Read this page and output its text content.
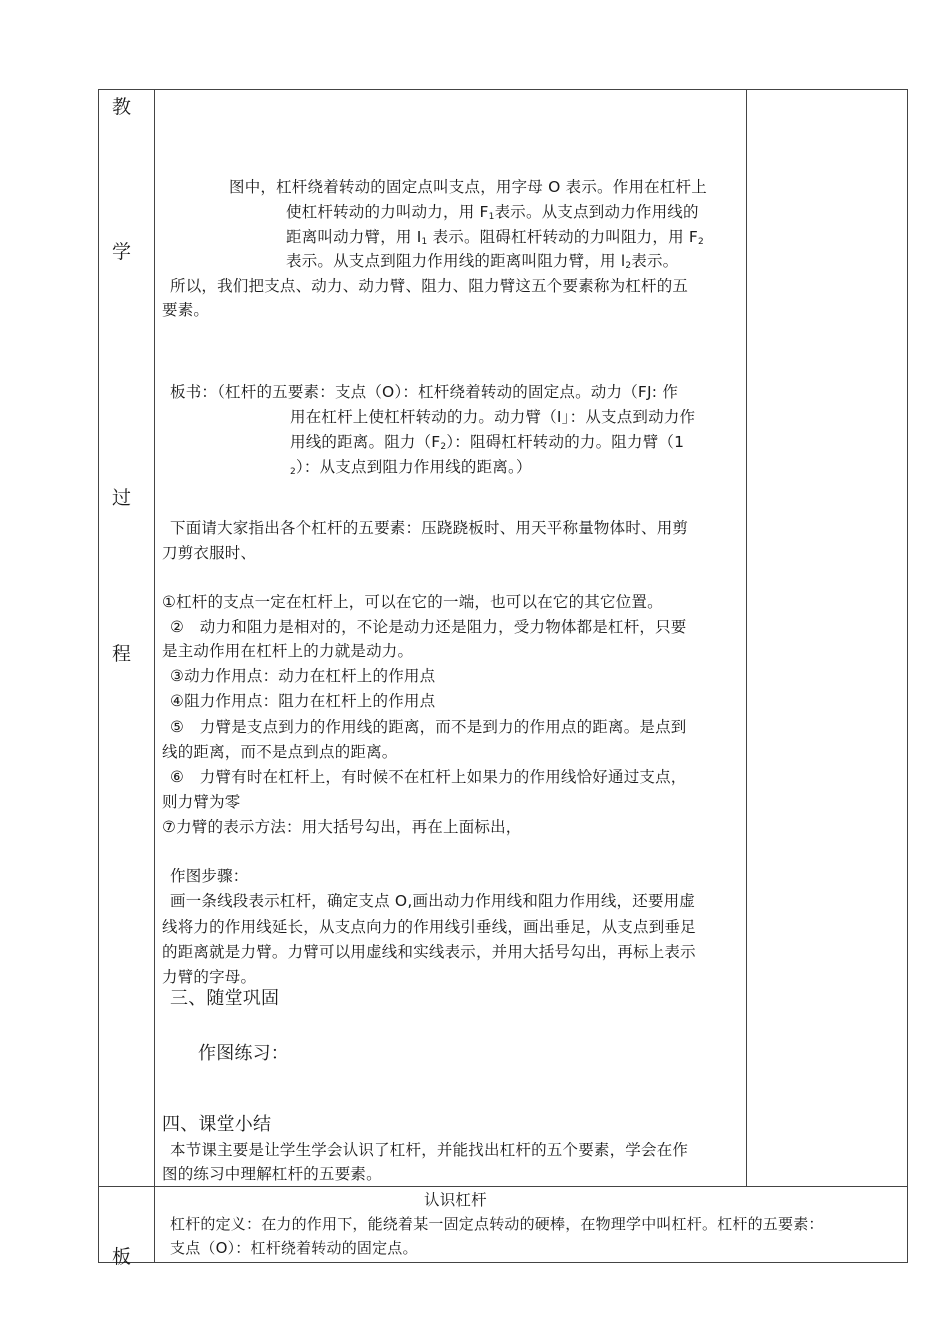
教
学
过
程
板
图中，杠杆绕着转动的固定点叫支点，用字母 O 表示。作用在杠杆上
使杠杆转动的力叫动力，用 $F_1$表示。从支点到动力作用线的
距离叫动力臂，用 $I_1$ 表示。阻碍杠杆转动的力叫阻力，用 $F_2$
表示。从支点到阻力作用线的距离叫阻力臂，用 $l_2$表示。
所以，我们把支点、动力、动力臂、阻力、阻力臂这五个要素称为杠杆的五
要素。
板书：（杠杆的五要素：支点（O）：杠杆绕着转动的固定点。动力（FJ: 作
用在杠杆上使杠杆转动的力。动力臂（I」：从支点到动力作
用线的距离。阻力$(F_2)$：阻碍杠杆转动的力。阻力臂（1
$_2$）：从支点到阻力作用线的距离。）
下面请大家指出各个杠杆的五要素：压跷跷板时、用天平称量物体时、用剪
刀剪衣服时、
①杠杆的支点一定在杠杆上，可以在它的一端，也可以在它的其它位置。
②　动力和阻力是相对的，不论是动力还是阻力，受力物体都是杠杆，只要
是主动作用在杠杆上的力就是动力。
③动力作用点：动力在杠杆上的作用点
④阻力作用点：阻力在杠杆上的作用点
⑤　力臂是支点到力的作用线的距离，而不是到力的作用点的距离。是点到
线的距离，而不是点到点的距离。
⑥　力臂有时在杠杆上，有时候不在杠杆上如果力的作用线恰好通过支点，
则力臂为零
⑦力臂的表示方法：用大括号勾出，再在上面标出，
作图步骤：
画一条线段表示杠杆，确定支点 O,画出动力作用线和阻力作用线，还要用虚
线将力的作用线延长，从支点向力的作用线引垂线，画出垂足，从支点到垂足
的距离就是力臂。力臂可以用虚线和实线表示，并用大括号勾出，再标上表示
力臂的字母。
三、随堂巩固
作图练习：
四、课堂小结
本节课主要是让学生学会认识了杠杆，并能找出杠杆的五个要素，学会在作
图的练习中理解杠杆的五要素。
认识杠杆
杠杆的定义：在力的作用下，能绕着某一固定点转动的硬棒，在物理学中叫杠杆。杠杆的五要素：
支点（O）：杠杆绕着转动的固定点。
